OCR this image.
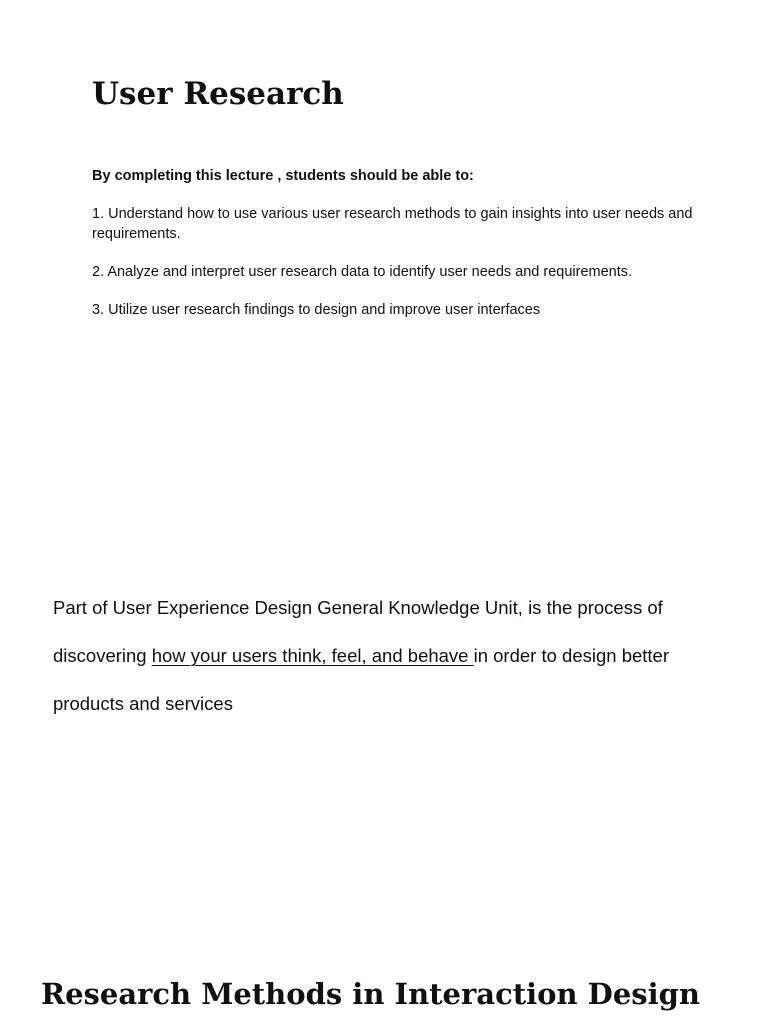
User Research

By completing this lecture , students should be able to:

1. Understand how to use various user research methods to gain insights into user needs and requirements.

2. Analyze and interpret user research data to identify user needs and requirements.

3. Utilize user research findings to design and improve user interfaces

Part of User Experience Design General Knowledge Unit, is the process of discovering how your users think, feel, and behave in order to design better products and services

Research Methods in Interaction Design
